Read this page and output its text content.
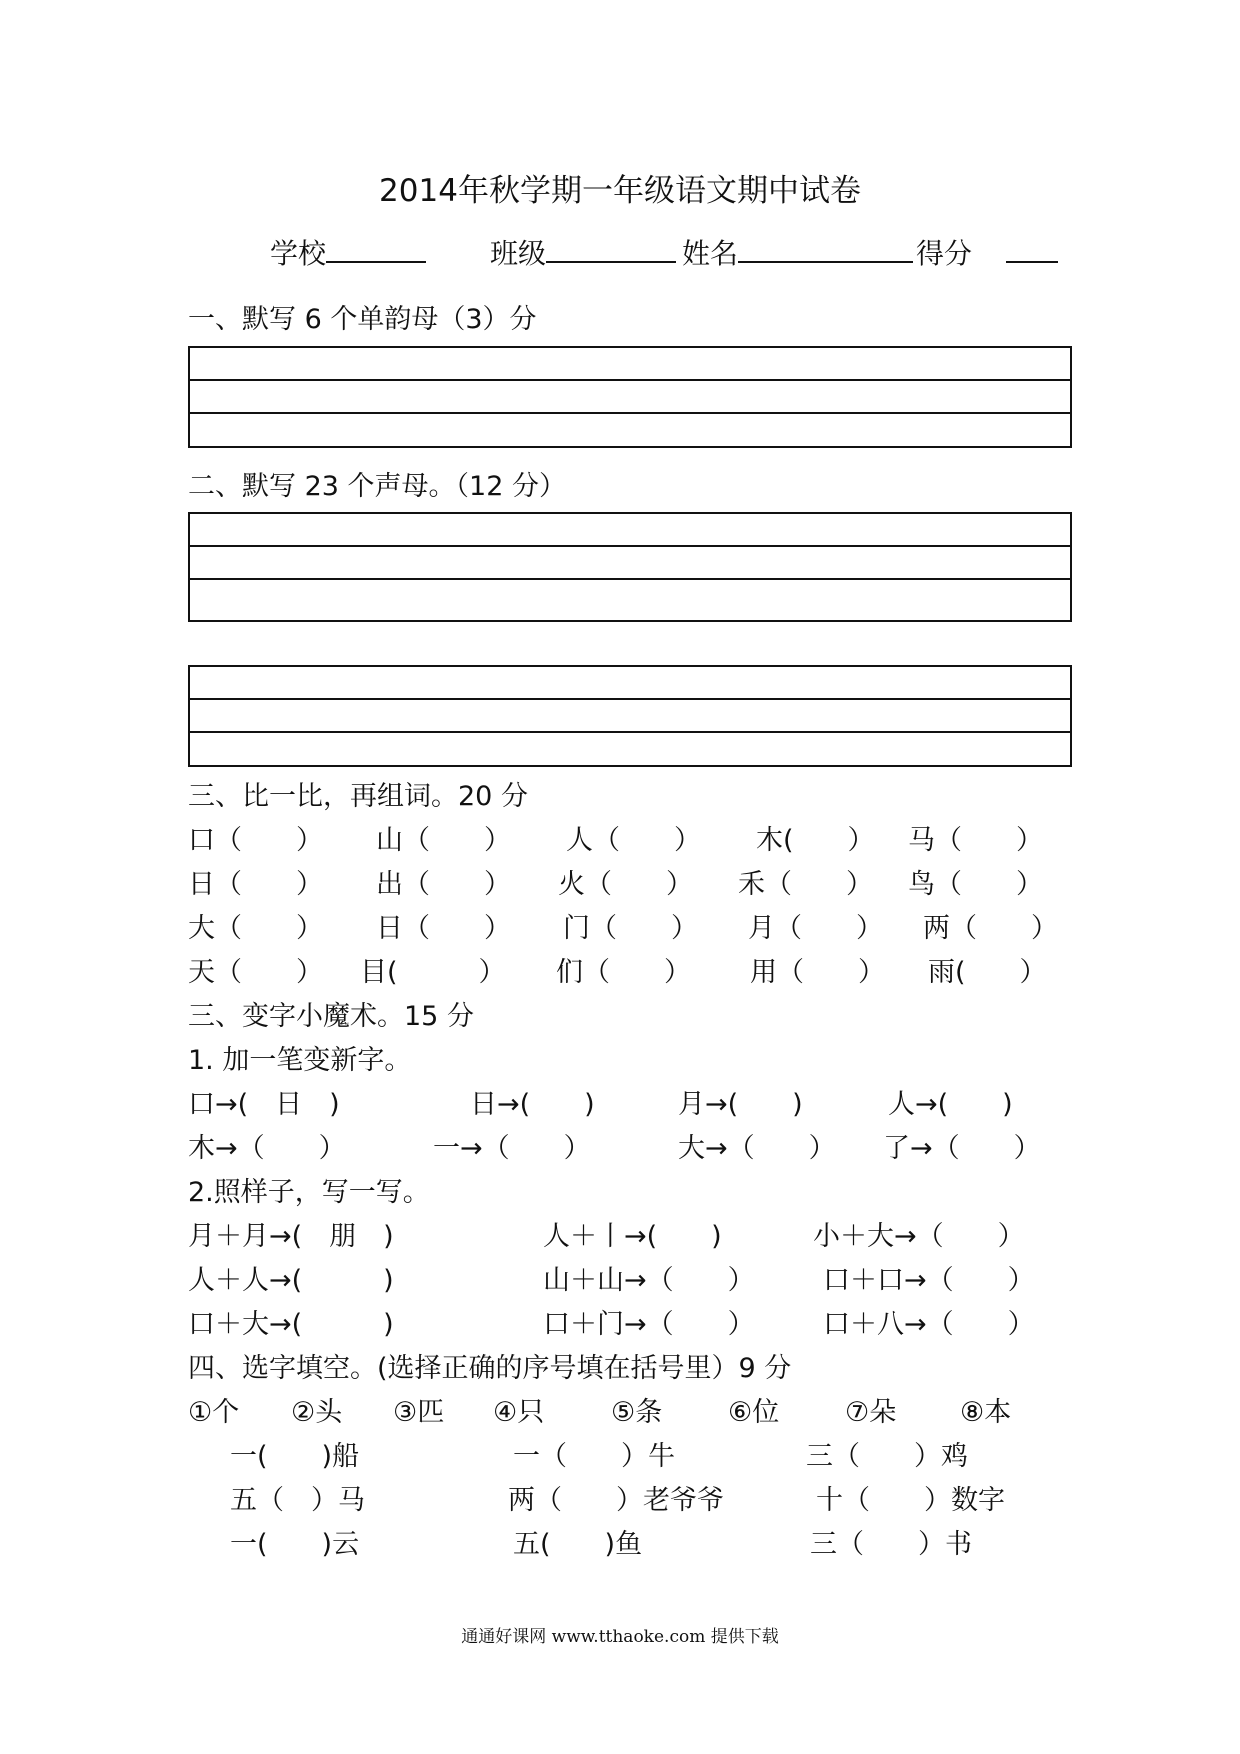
2014年秋学期一年级语文期中试卷
学校	班级	姓名	得分
一、默写 6 个单韵母（3）分
二、默写 23 个声母。（12 分）
三、比一比，再组词。20 分
口（　　） 山（　　） 人（　　） 木(　　） 马（　　）
日（　　） 出（　　） 火（　　） 禾（　　） 鸟（　　）
大（　　） 日（　　） 门（　　） 月（　　） 两（　　）
天（　　） 目(　　　） 们（　　） 用（　　） 雨(　　）
三、变字小魔术。15 分
1. 加一笔变新字。
口→(　日　)	日→(　　)	月→(　　)	人→(　　)
木→（　　）	一→（　　）	大→（　　） 了→（　　）
2.照样子，写一写。
月＋月→(　朋　)	人＋丨→(　　)	小＋大→（　　）
人＋人→(　　　)	山＋山→（　　）	口＋口→（　　）
口＋大→(　　　)	口＋门→（　　）	口＋八→（　　）
四、选字填空。(选择正确的序号填在括号里）9 分
①个 ②头 ③匹 ④只 ⑤条 ⑥位 ⑦朵 ⑧本
一(　　)船	一（　　）牛	三（　　）鸡
五（　）马	两（　　）老爷爷	十（　　）数字
一(　　)云	五(　　)鱼	三（　　）书
通通好课网 www.tthaoke.com 提供下载
